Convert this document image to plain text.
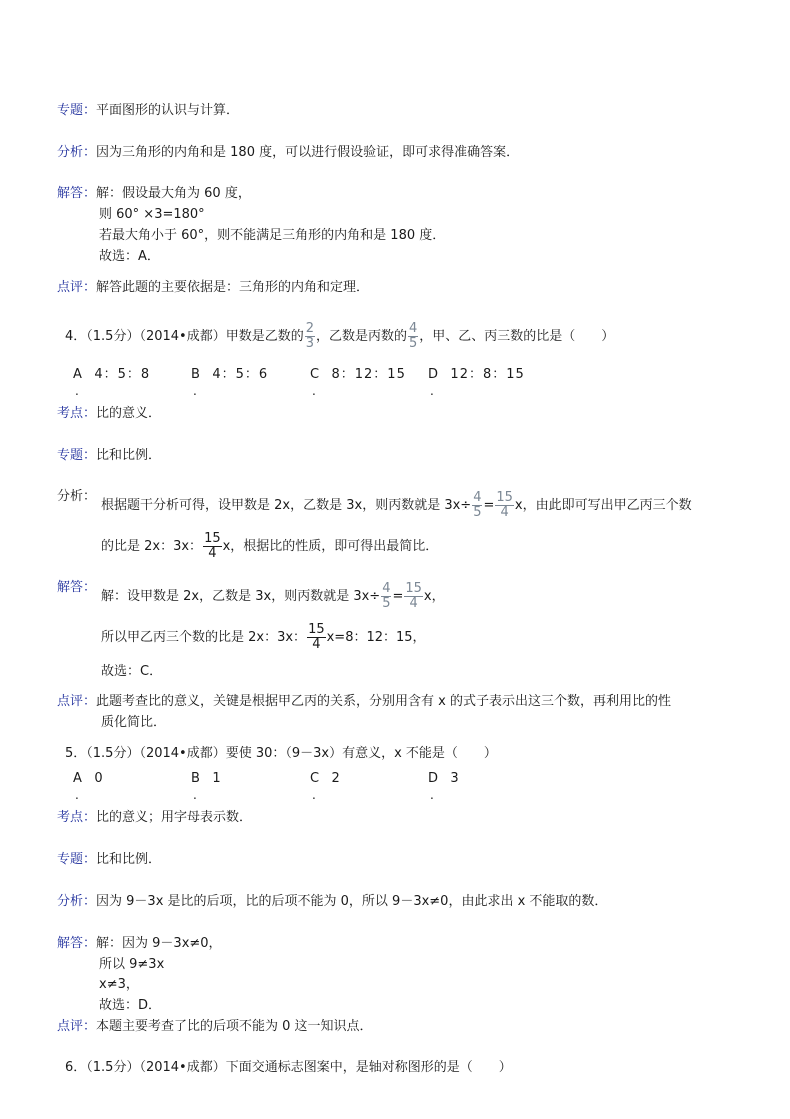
专题：平面图形的认识与计算．
分析：因为三角形的内角和是 180 度，可以进行假设验证，即可求得准确答案．
解答：解：假设最大角为 60 度，
则 60° ×3=180°
若最大角小于 60°，则不能满足三角形的内角和是 180 度．
故选：A．
点评：解答此题的主要依据是：三角形的内角和定理．
4．（1.5分）（2014•成都）甲数是乙数的 $\frac{2}{3}$ ，乙数是丙数的 $\frac{4}{5}$ ，甲、乙、丙三数的比是（　　）
A 4：5：8
.
B 4：5：6
.
C 8：12：15
.
D 12：8：15
.
考点：比的意义．
专题：比和比例．
分析：
根据题干分析可得，设甲数是 2x，乙数是 3x，则丙数就是 $3x\div \frac{4}{5} = \frac{15}{4}$ x，由此即可写出甲乙丙三个数
的比是 2x：3x： $\frac{15}{4}$ x，根据比的性质，即可得出最简比．
解答：
解：设甲数是 2x，乙数是 3x，则丙数就是 $3x\div \frac{4}{5} = \frac{15}{4}$ x，
所以甲乙丙三个数的比是 2x：3x： $\frac{15}{4} x=8$：12：15，
故选：C．
点评：此题考查比的意义，关键是根据甲乙丙的关系，分别用含有 x 的式子表示出这三个数，再利用比的性
质化简比．
5．（1.5分）（2014•成都）要使 30：（9－3x）有意义，x 不能是（　　）
A 0
.
B 1
.
C 2
.
D 3
.
考点：比的意义；用字母表示数．
专题：比和比例．
分析：因为 9－3x 是比的后项，比的后项不能为 0，所以 9－3x≠0，由此求出 x 不能取的数．
解答：解：因为 9－3x≠0，
所以 9≠3x
x≠3，
故选：D．
点评：本题主要考查了比的后项不能为 0 这一知识点．
6．（1.5分）（2014•成都）下面交通标志图案中，是轴对称图形的是（　　）
